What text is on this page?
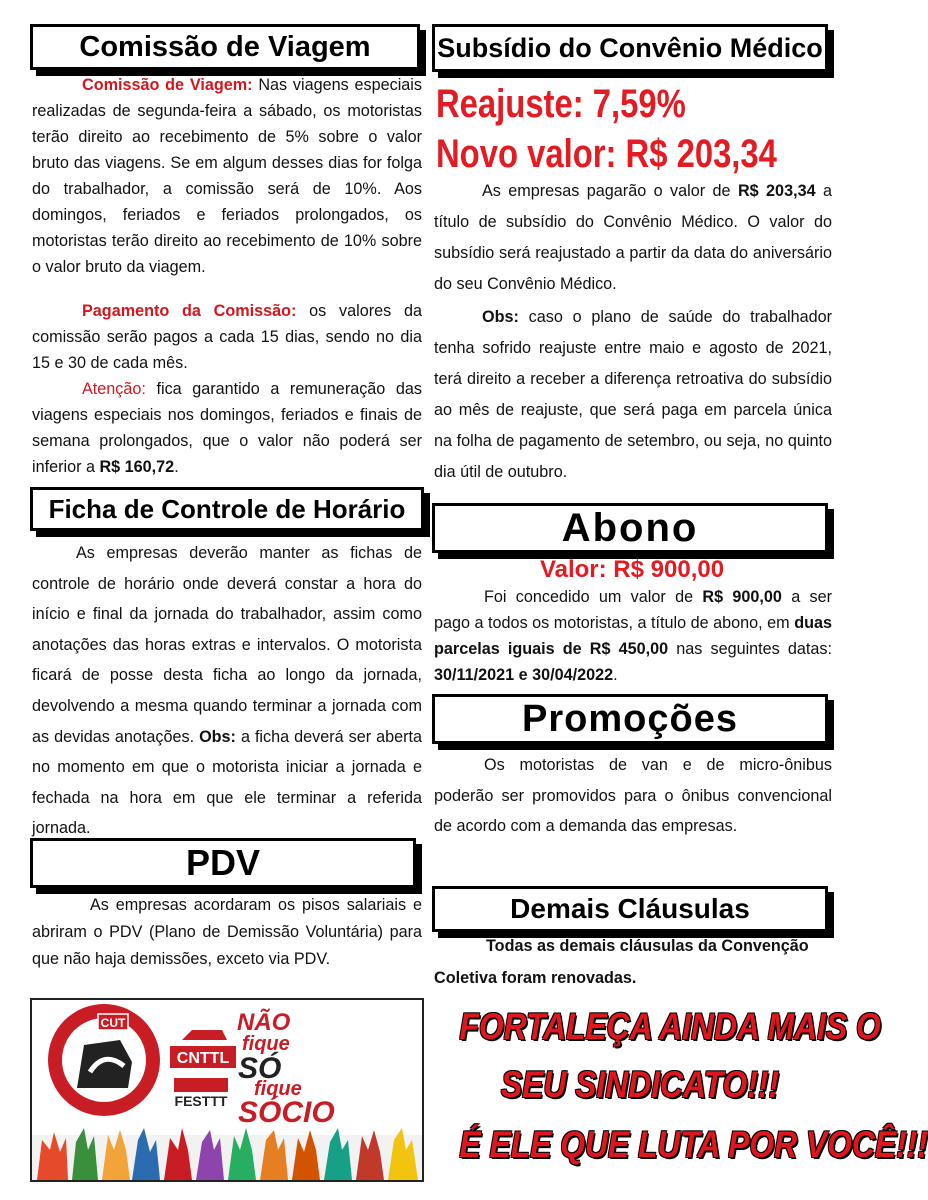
Comissão de Viagem
Comissão de Viagem: Nas viagens especiais realizadas de segunda-feira a sábado, os motoristas terão direito ao recebimento de 5% sobre o valor bruto das viagens. Se em algum desses dias for folga do trabalhador, a comissão será de 10%. Aos domingos, feriados e feriados prolongados, os motoristas terão direito ao recebimento de 10% sobre o valor bruto da viagem.
Pagamento da Comissão: os valores da comissão serão pagos a cada 15 dias, sendo no dia 15 e 30 de cada mês.
Atenção: fica garantido a remuneração das viagens especiais nos domingos, feriados e finais de semana prolongados, que o valor não poderá ser inferior a R$ 160,72.
Ficha de Controle de Horário
As empresas deverão manter as fichas de controle de horário onde deverá constar a hora do início e final da jornada do trabalhador, assim como anotações das horas extras e intervalos. O motorista ficará de posse desta ficha ao longo da jornada, devolvendo a mesma quando terminar a jornada com as devidas anotações. Obs: a ficha deverá ser aberta no momento em que o motorista iniciar a jornada e fechada na hora em que ele terminar a referida jornada.
PDV
As empresas acordaram os pisos salariais e abriram o PDV (Plano de Demissão Voluntária) para que não haja demissões, exceto via PDV.
CUT
CNTTL
FESTTT
NÃO
fique
SÓ
fique
SÓCIO
Subsídio do Convênio Médico
Reajuste: 7,59%
Novo valor: R$ 203,34
As empresas pagarão o valor de R$ 203,34 a título de subsídio do Convênio Médico. O valor do subsídio será reajustado a partir da data do aniversário do seu Convênio Médico.
Obs: caso o plano de saúde do trabalhador tenha sofrido reajuste entre maio e agosto de 2021, terá direito a receber a diferença retroativa do subsídio ao mês de reajuste, que será paga em parcela única na folha de pagamento de setembro, ou seja, no quinto dia útil de outubro.
Abono
Valor: R$ 900,00
Foi concedido um valor de R$ 900,00 a ser pago a todos os motoristas, a título de abono, em duas parcelas iguais de R$ 450,00 nas seguintes datas: 30/11/2021 e 30/04/2022.
Promoções
Os motoristas de van e de micro-ônibus poderão ser promovidos para o ônibus convencional de acordo com a demanda das empresas.
Demais Cláusulas
Todas as demais cláusulas da Convenção Coletiva foram renovadas.
FORTALEÇA AINDA MAIS O
SEU SINDICATO!!!
É ELE QUE LUTA POR VOCÊ!!!
